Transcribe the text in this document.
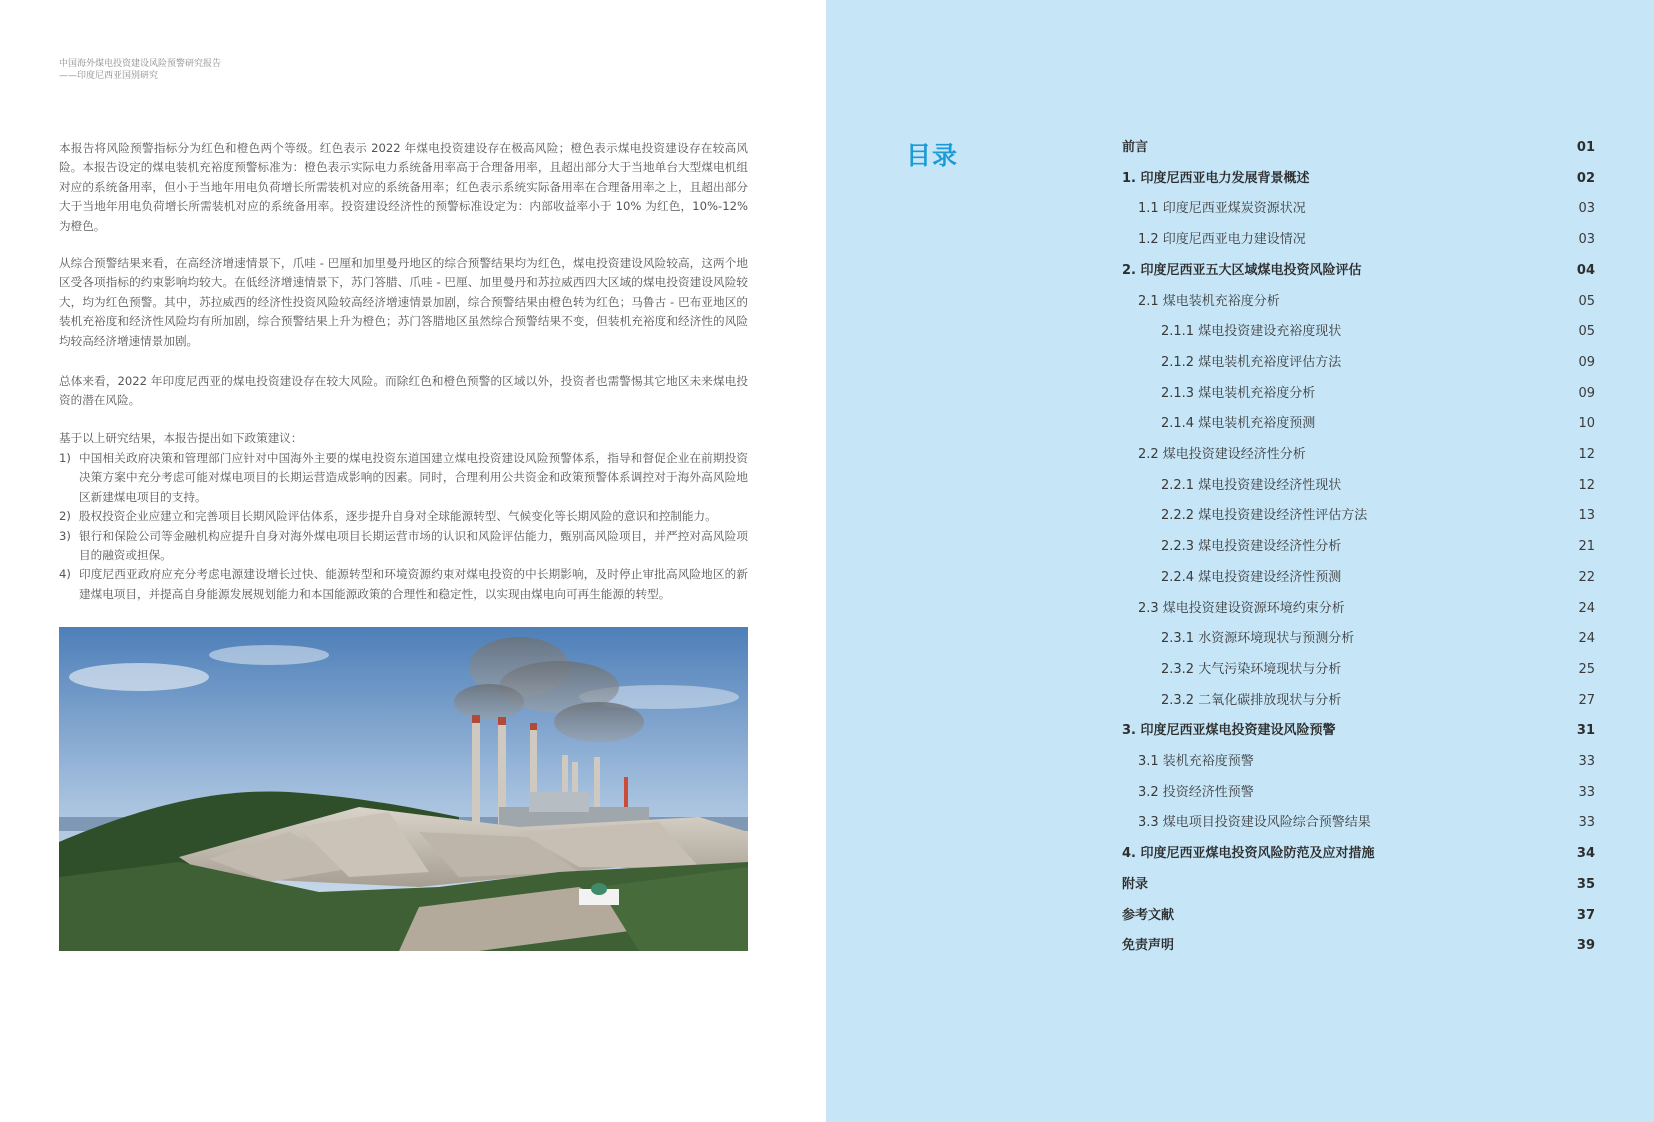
中国海外煤电投资建设风险预警研究报告
——印度尼西亚国别研究
本报告将风险预警指标分为红色和橙色两个等级。红色表示 2022 年煤电投资建设存在极高风险；橙色表示煤电投资建设存在较高风险。本报告设定的煤电装机充裕度预警标准为：橙色表示实际电力系统备用率高于合理备用率，且超出部分大于当地单台大型煤电机组对应的系统备用率，但小于当地年用电负荷增长所需装机对应的系统备用率；红色表示系统实际备用率在合理备用率之上，且超出部分大于当地年用电负荷增长所需装机对应的系统备用率。投资建设经济性的预警标准设定为：内部收益率小于 10% 为红色，10%-12% 为橙色。
从综合预警结果来看，在高经济增速情景下，爪哇 - 巴厘和加里曼丹地区的综合预警结果均为红色，煤电投资建设风险较高，这两个地区受各项指标的约束影响均较大。在低经济增速情景下，苏门答腊、爪哇 - 巴厘、加里曼丹和苏拉威西四大区域的煤电投资建设风险较大，均为红色预警。其中，苏拉威西的经济性投资风险较高经济增速情景加剧，综合预警结果由橙色转为红色；马鲁古 - 巴布亚地区的装机充裕度和经济性风险均有所加剧，综合预警结果上升为橙色；苏门答腊地区虽然综合预警结果不变，但装机充裕度和经济性的风险均较高经济增速情景加剧。
总体来看，2022 年印度尼西亚的煤电投资建设存在较大风险。而除红色和橙色预警的区域以外，投资者也需警惕其它地区未来煤电投资的潜在风险。
基于以上研究结果，本报告提出如下政策建议：
1) 中国相关政府决策和管理部门应针对中国海外主要的煤电投资东道国建立煤电投资建设风险预警体系，指导和督促企业在前期投资决策方案中充分考虑可能对煤电项目的长期运营造成影响的因素。同时，合理利用公共资金和政策预警体系调控对于海外高风险地区新建煤电项目的支持。
2) 股权投资企业应建立和完善项目长期风险评估体系，逐步提升自身对全球能源转型、气候变化等长期风险的意识和控制能力。
3) 银行和保险公司等金融机构应提升自身对海外煤电项目长期运营市场的认识和风险评估能力，甄别高风险项目，并严控对高风险项目的融资或担保。
4) 印度尼西亚政府应充分考虑电源建设增长过快、能源转型和环境资源约束对煤电投资的中长期影响，及时停止审批高风险地区的新建煤电项目，并提高自身能源发展规划能力和本国能源政策的合理性和稳定性，以实现由煤电向可再生能源的转型。
目录	前言	01
1. 印度尼西亚电力发展背景概述	02
1.1 印度尼西亚煤炭资源状况	03
1.2 印度尼西亚电力建设情况	03
2. 印度尼西亚五大区域煤电投资风险评估	04
2.1 煤电装机充裕度分析	05
2.1.1 煤电投资建设充裕度现状	05
2.1.2 煤电装机充裕度评估方法	09
2.1.3 煤电装机充裕度分析	09
2.1.4 煤电装机充裕度预测	10
2.2 煤电投资建设经济性分析	12
2.2.1 煤电投资建设经济性现状	12
2.2.2 煤电投资建设经济性评估方法	13
2.2.3 煤电投资建设经济性分析	21
2.2.4 煤电投资建设经济性预测	22
2.3 煤电投资建设资源环境约束分析	24
2.3.1 水资源环境现状与预测分析	24
2.3.2 大气污染环境现状与分析	25
2.3.2 二氧化碳排放现状与分析	27
3. 印度尼西亚煤电投资建设风险预警	31
3.1 装机充裕度预警	33
3.2 投资经济性预警	33
3.3 煤电项目投资建设风险综合预警结果	33
4. 印度尼西亚煤电投资风险防范及应对措施	34
附录	35
参考文献	37
免责声明	39
